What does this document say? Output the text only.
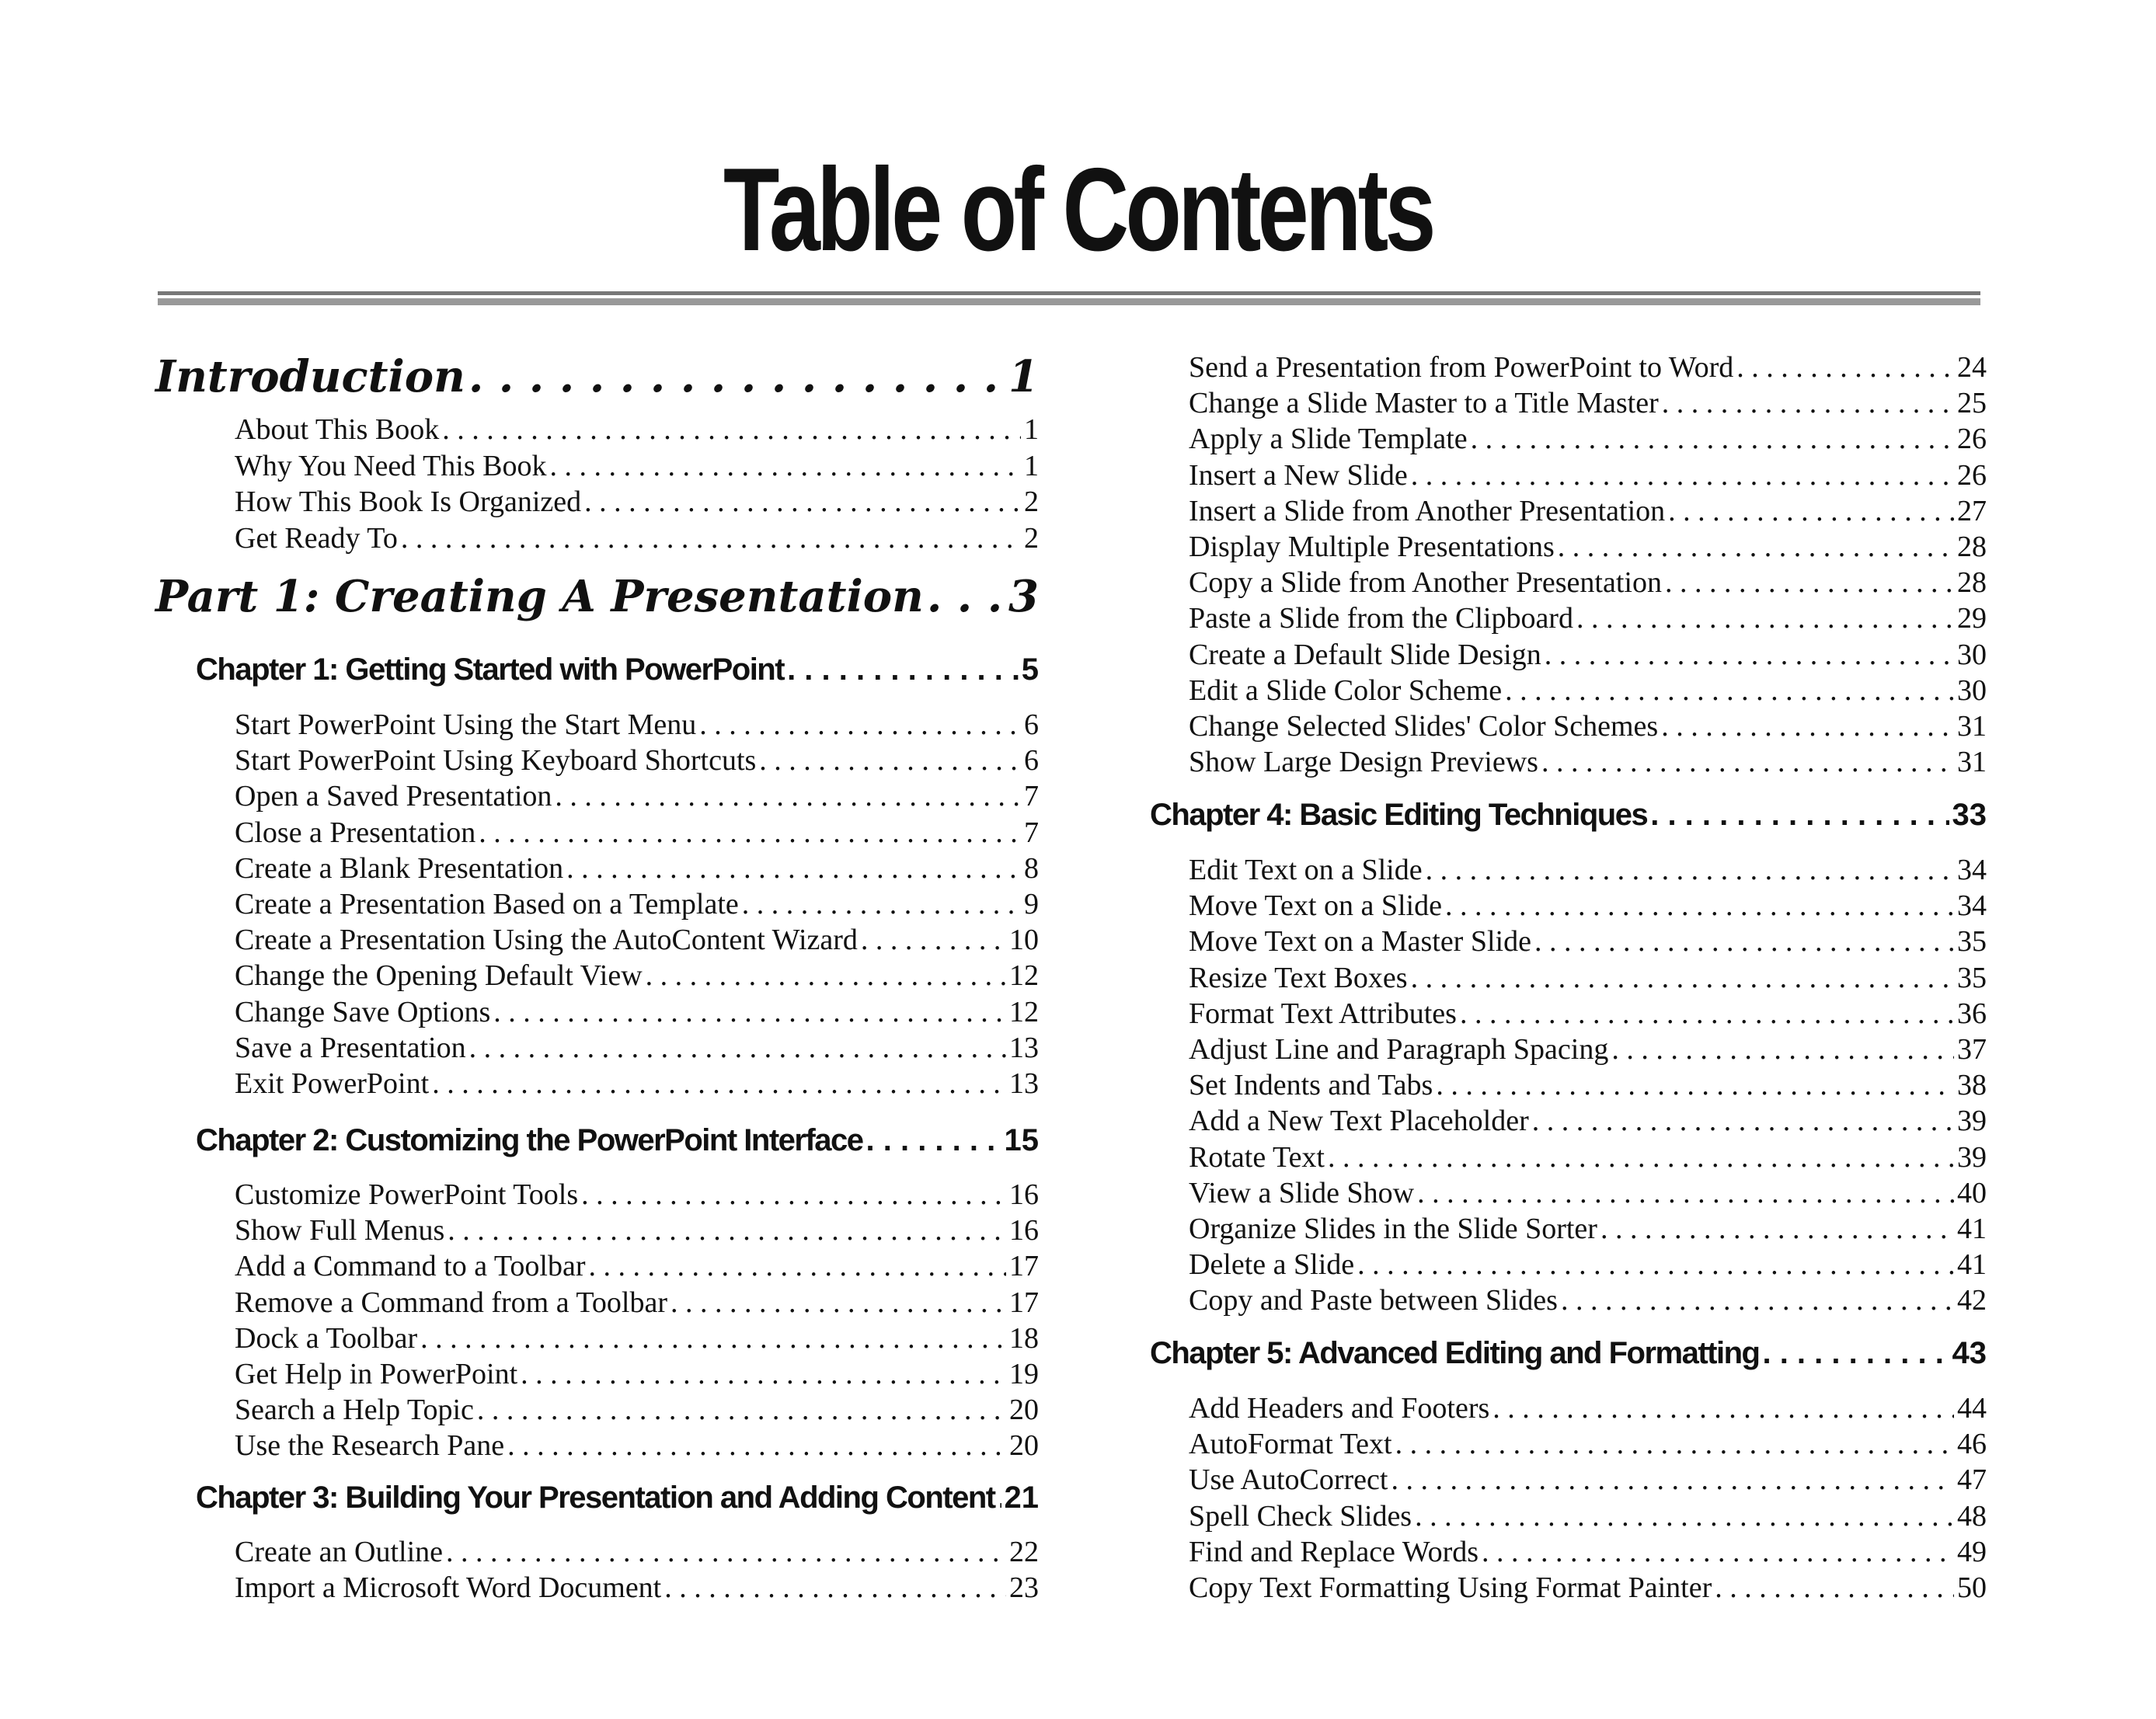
Table of Contents
Introduction . . .	1
About This Book . . .	1
Why You Need This Book . . .	1
How This Book Is Organized . . .	2
Get Ready To . . .	2
Part 1: Creating A Presentation . . . 3
Chapter 1: Getting Started with PowerPoint . . .	5
Start PowerPoint Using the Start Menu . . .	6
Start PowerPoint Using Keyboard Shortcuts . . .	6
Open a Saved Presentation . . .	7
Close a Presentation . . .	7
Create a Blank Presentation . . .	8
Create a Presentation Based on a Template . . .	9
Create a Presentation Using the AutoContent Wizard . . .	10
Change the Opening Default View . . .	12
Change Save Options . . .	12
Save a Presentation . . .	13
Exit PowerPoint . . .	13
Chapter 2: Customizing the PowerPoint Interface . . .	15
Customize PowerPoint Tools . . .	16
Show Full Menus . . .	16
Add a Command to a Toolbar . . .	17
Remove a Command from a Toolbar . . .	17
Dock a Toolbar . . .	18
Get Help in PowerPoint . . .	19
Search a Help Topic . . .	20
Use the Research Pane . . .	20
Chapter 3: Building Your Presentation and Adding Content . . . 21
Create an Outline . . .	22
Import a Microsoft Word Document . . .	23
Send a Presentation from PowerPoint to Word . . .	24
Change a Slide Master to a Title Master . . .	25
Apply a Slide Template . . .	26
Insert a New Slide . . .	26
Insert a Slide from Another Presentation . . .	27
Display Multiple Presentations . . .	28
Copy a Slide from Another Presentation . . .	28
Paste a Slide from the Clipboard . . .	29
Create a Default Slide Design . . .	30
Edit a Slide Color Scheme . . .	30
Change Selected Slides' Color Schemes . . .	31
Show Large Design Previews . . .	31
Chapter 4: Basic Editing Techniques . . .	33
Edit Text on a Slide . . .	34
Move Text on a Slide . . .	34
Move Text on a Master Slide . . .	35
Resize Text Boxes . . .	35
Format Text Attributes . . .	36
Adjust Line and Paragraph Spacing . . .	37
Set Indents and Tabs . . .	38
Add a New Text Placeholder . . .	39
Rotate Text . . .	39
View a Slide Show . . .	40
Organize Slides in the Slide Sorter . . .	41
Delete a Slide . . .	41
Copy and Paste between Slides . . .	42
Chapter 5: Advanced Editing and Formatting . . .	43
Add Headers and Footers . . .	44
AutoFormat Text . . .	46
Use AutoCorrect . . .	47
Spell Check Slides . . .	48
Find and Replace Words . . .	49
Copy Text Formatting Using Format Painter . . .	50
